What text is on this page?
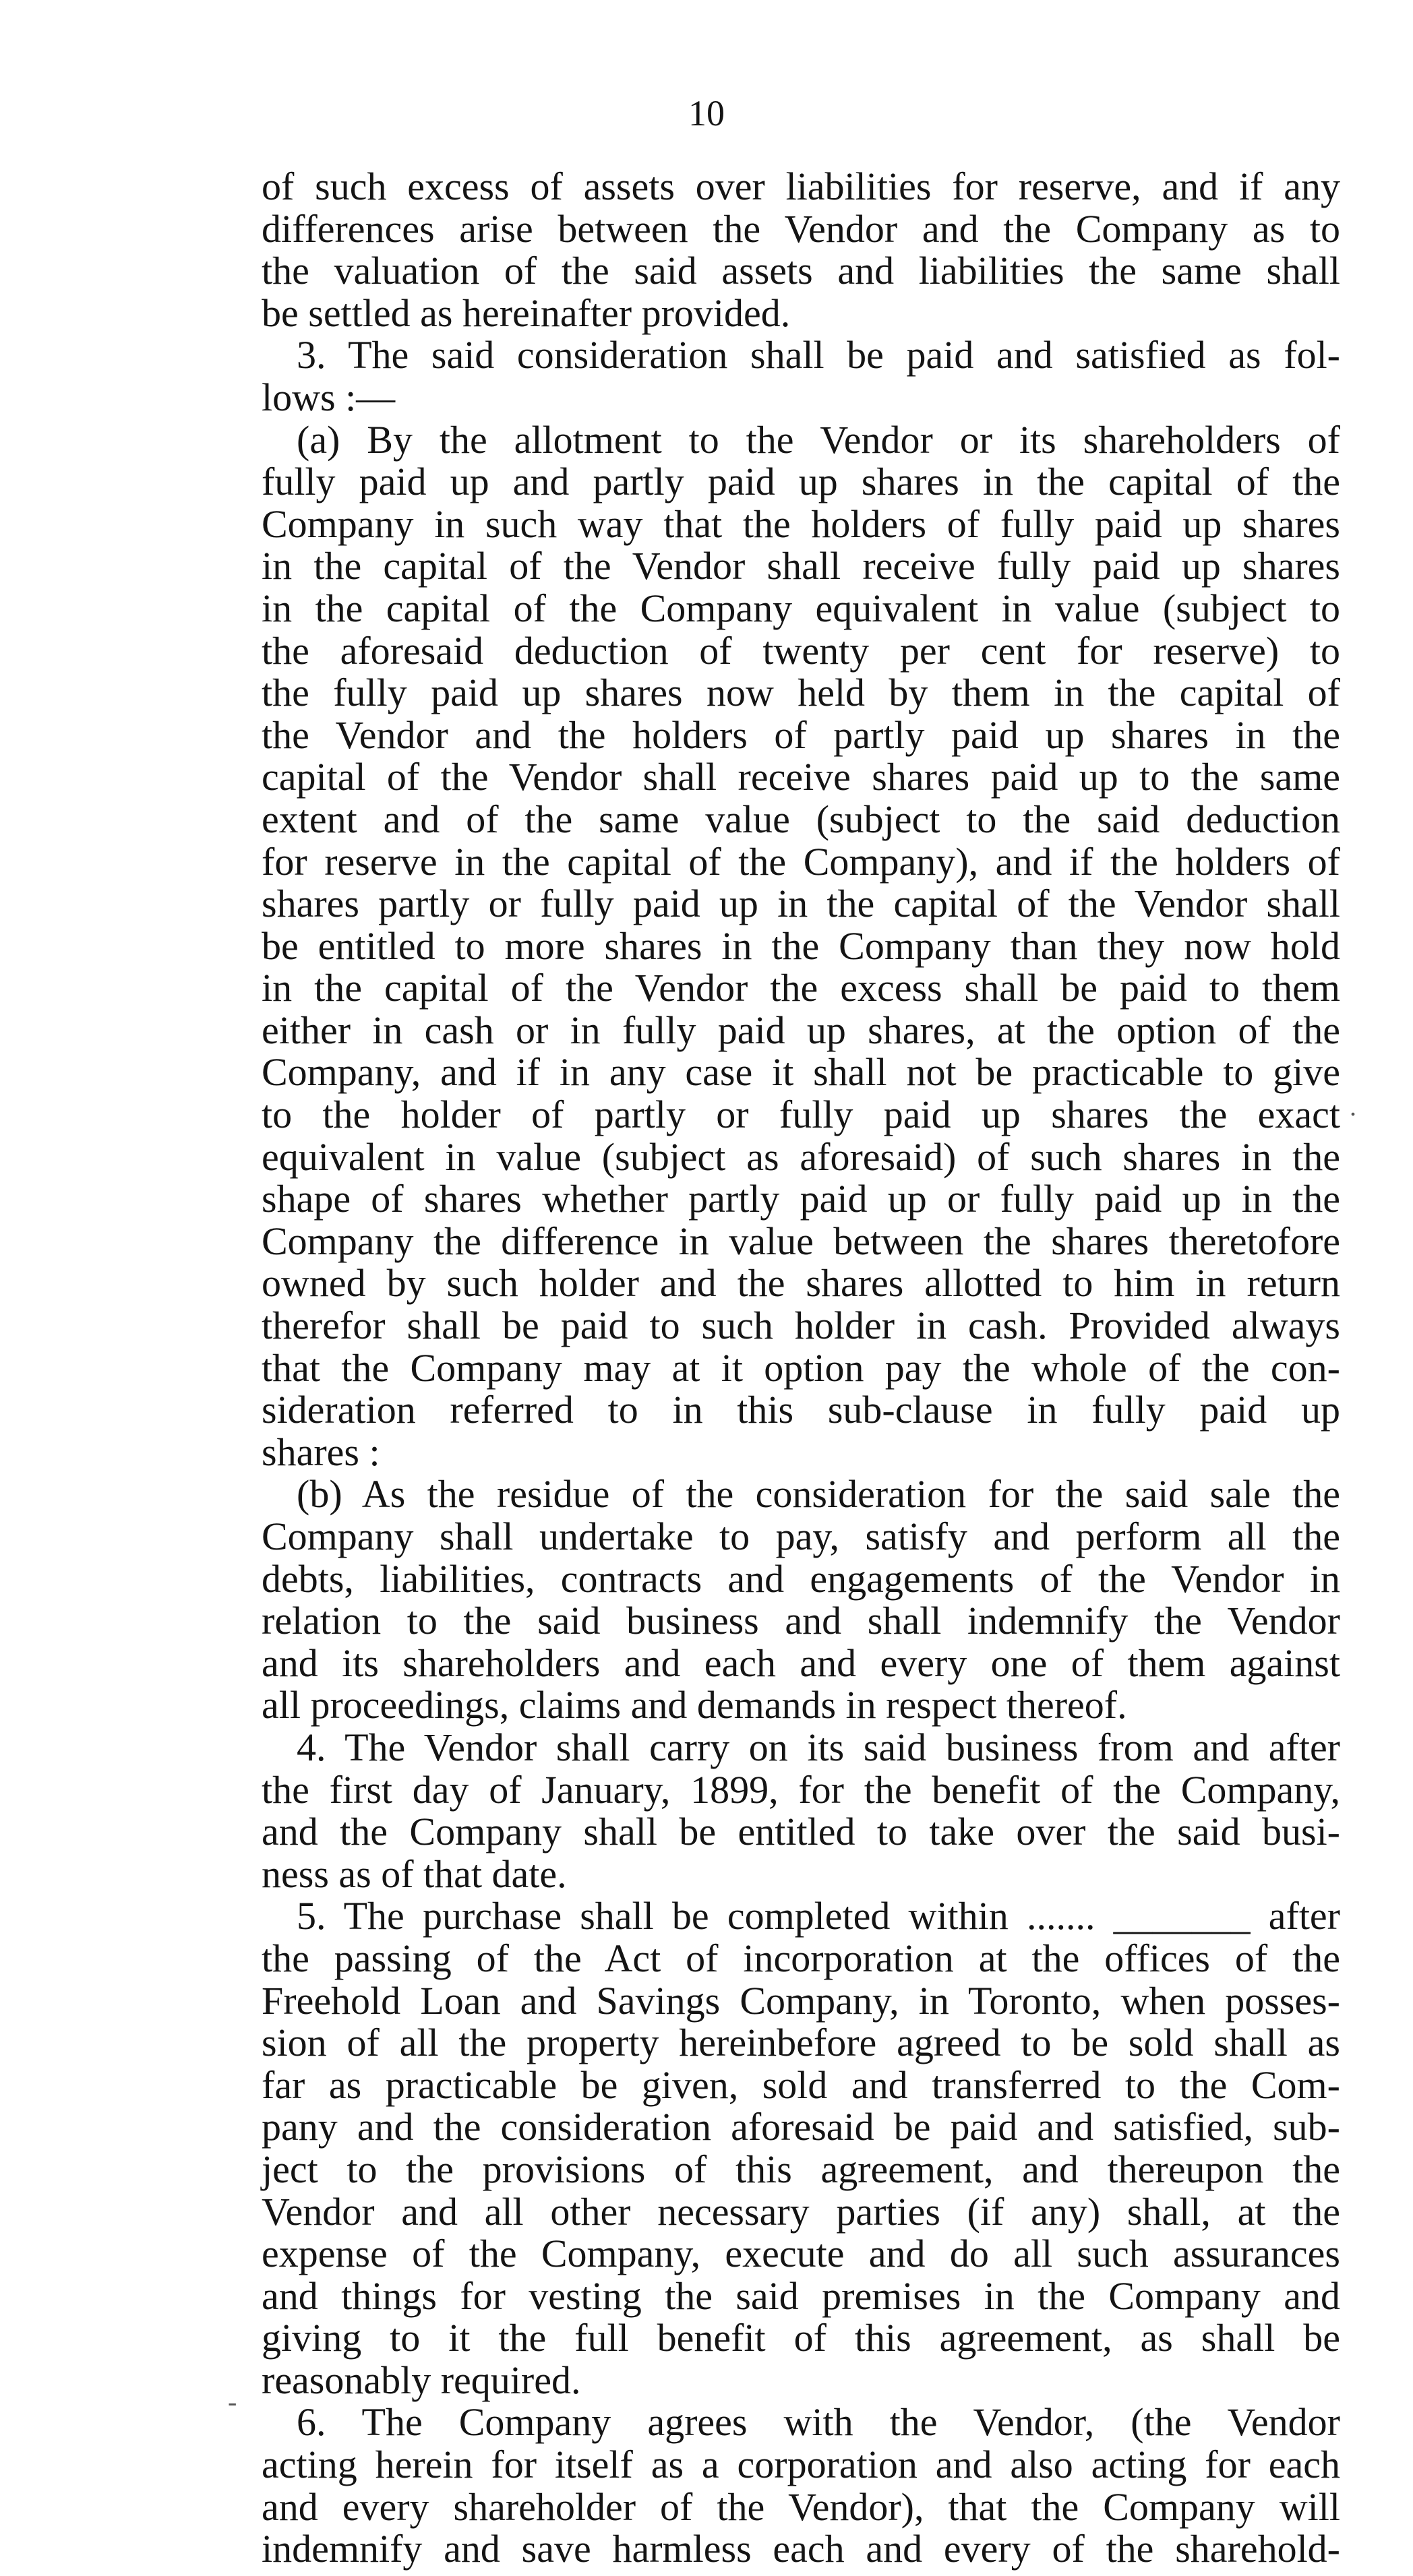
10
of such excess of assets over liabilities for reserve, and if any
differences arise between the Vendor and the Company as to
the valuation of the said assets and liabilities the same shall
be settled as hereinafter provided.
3. The said consideration shall be paid and satisfied as fol-
lows :—
(a) By the allotment to the Vendor or its shareholders of
fully paid up and partly paid up shares in the capital of the
Company in such way that the holders of fully paid up shares
in the capital of the Vendor shall receive fully paid up shares
in the capital of the Company equivalent in value (subject to
the aforesaid deduction of twenty per cent for reserve) to
the fully paid up shares now held by them in the capital of
the Vendor and the holders of partly paid up shares in the
capital of the Vendor shall receive shares paid up to the same
extent and of the same value (subject to the said deduction
for reserve in the capital of the Company), and if the holders of
shares partly or fully paid up in the capital of the Vendor shall
be entitled to more shares in the Company than they now hold
in the capital of the Vendor the excess shall be paid to them
either in cash or in fully paid up shares, at the option of the
Company, and if in any case it shall not be practicable to give
to the holder of partly or fully paid up shares the exact
equivalent in value (subject as aforesaid) of such shares in the
shape of shares whether partly paid up or fully paid up in the
Company the difference in value between the shares theretofore
owned by such holder and the shares allotted to him in return
therefor shall be paid to such holder in cash. Provided always
that the Company may at it option pay the whole of the con-
sideration referred to in this sub-clause in fully paid up
shares :
(b) As the residue of the consideration for the said sale the
Company shall undertake to pay, satisfy and perform all the
debts, liabilities, contracts and engagements of the Vendor in
relation to the said business and shall indemnify the Vendor
and its shareholders and each and every one of them against
all proceedings, claims and demands in respect thereof.
4. The Vendor shall carry on its said business from and after
the first day of January, 1899, for the benefit of the Company,
and the Company shall be entitled to take over the said busi-
ness as of that date.
5. The purchase shall be completed within ....... _______ after
the passing of the Act of incorporation at the offices of the
Freehold Loan and Savings Company, in Toronto, when posses-
sion of all the property hereinbefore agreed to be sold shall as
far as practicable be given, sold and transferred to the Com-
pany and the consideration aforesaid be paid and satisfied, sub-
ject to the provisions of this agreement, and thereupon the
Vendor and all other necessary parties (if any) shall, at the
expense of the Company, execute and do all such assurances
and things for vesting the said premises in the Company and
giving to it the full benefit of this agreement, as shall be
reasonably required.
6. The Company agrees with the Vendor, (the Vendor
acting herein for itself as a corporation and also acting for each
and every shareholder of the Vendor), that the Company will
indemnify and save harmless each and every of the sharehold-
.
-
